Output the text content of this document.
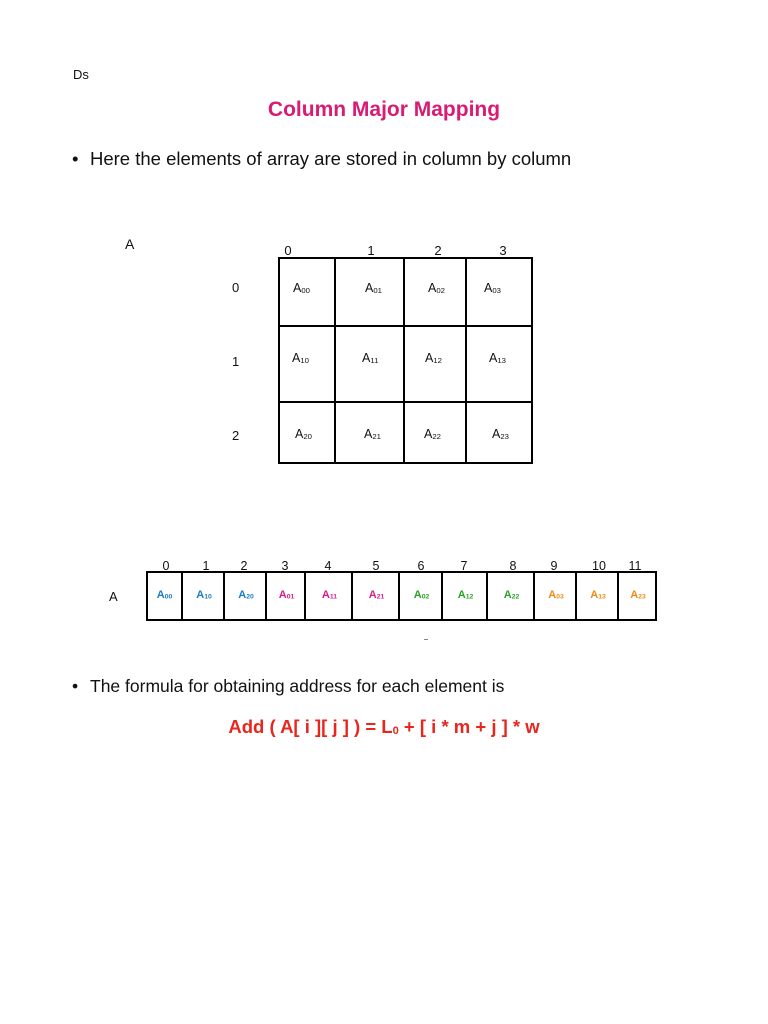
Ds
Column Major Mapping
• Here the elements of array are stored in column by column
A	0	1	2	3
0
1
2
$A_{00}$	$A_{01}$	$A_{02}$	$A_{03}$
$A_{10}$	$A_{11}$	$A_{12}$	$A_{13}$
$A_{20}$	$A_{21}$	$A_{22}$	$A_{23}$
A	$A_{00}$
0
$A_{10}$
1
$A_{20}$
2
$A_{01}$
3
$A_{11}$
4
$A_{21}$
5
$A_{02}$
6
$A_{12}$
7
$A_{22}$
8
$A_{03}$
9
$A_{13}$
10
$A_{23}$
11
• The formula for obtaining address for each element is
Add ( A[ i ][ j ] ) = $L_0$ + [ i * m + j ] * w
